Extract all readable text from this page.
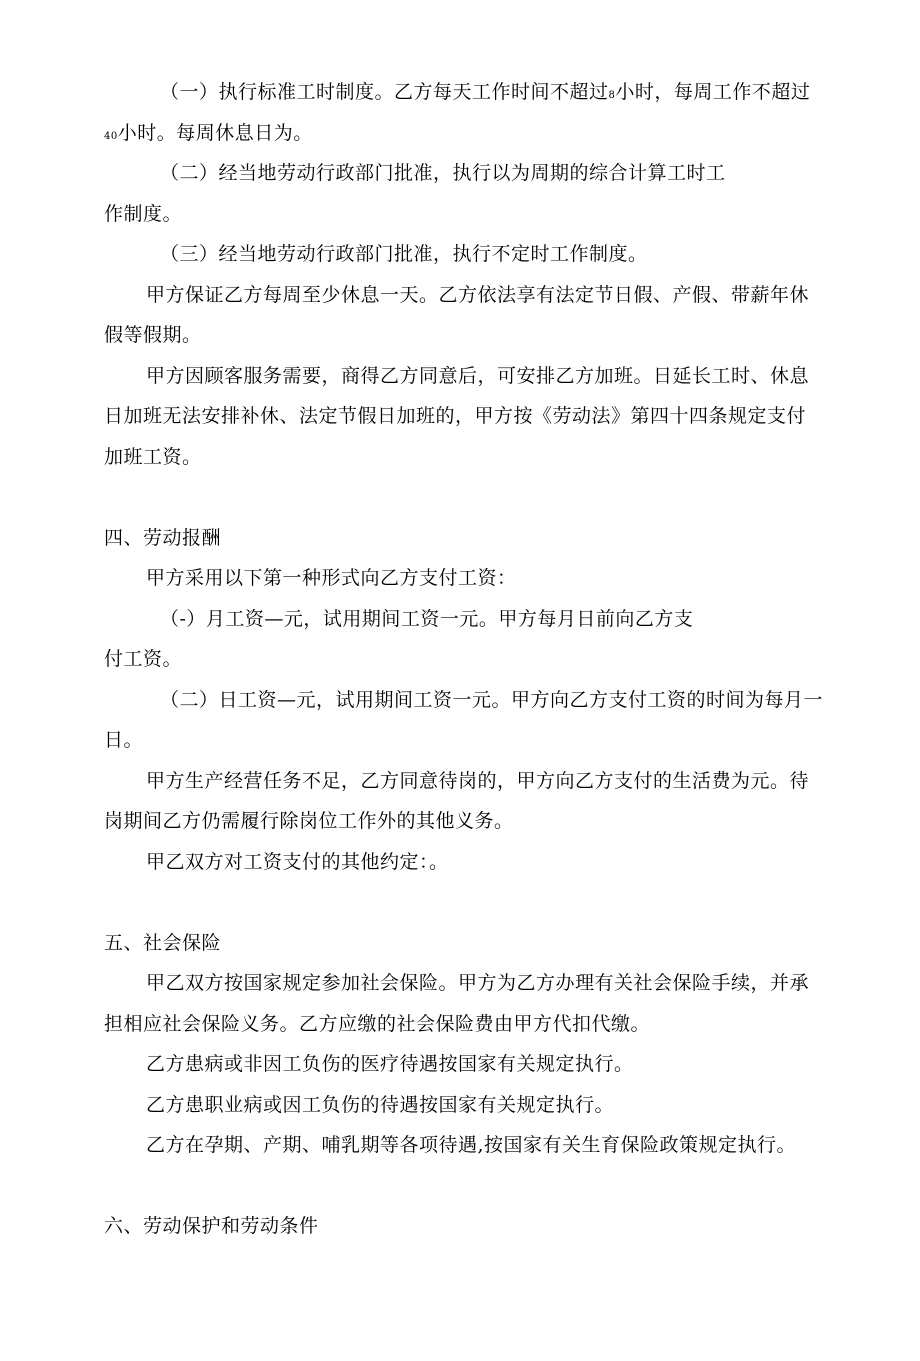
（一）执行标准工时制度。乙方每天工作时间不超过8小时，每周工作不超过
40小时。每周休息日为。
（二）经当地劳动行政部门批准，执行以为周期的综合计算工时工
作制度。
（三）经当地劳动行政部门批准，执行不定时工作制度。
甲方保证乙方每周至少休息一天。乙方依法享有法定节日假、产假、带薪年休
假等假期。
甲方因顾客服务需要，商得乙方同意后，可安排乙方加班。日延长工时、休息
日加班无法安排补休、法定节假日加班的，甲方按《劳动法》第四十四条规定支付
加班工资。
四、劳动报酬
甲方采用以下第一种形式向乙方支付工资：
（-）月工资—元，试用期间工资一元。甲方每月日前向乙方支
付工资。
（二）日工资—元，试用期间工资一元。甲方向乙方支付工资的时间为每月一
日。
甲方生产经营任务不足，乙方同意待岗的，甲方向乙方支付的生活费为元。待
岗期间乙方仍需履行除岗位工作外的其他义务。
甲乙双方对工资支付的其他约定：。
五、社会保险
甲乙双方按国家规定参加社会保险。甲方为乙方办理有关社会保险手续，并承
担相应社会保险义务。乙方应缴的社会保险费由甲方代扣代缴。
乙方患病或非因工负伤的医疗待遇按国家有关规定执行。
乙方患职业病或因工负伤的待遇按国家有关规定执行。
乙方在孕期、产期、哺乳期等各项待遇,按国家有关生育保险政策规定执行。
六、劳动保护和劳动条件
